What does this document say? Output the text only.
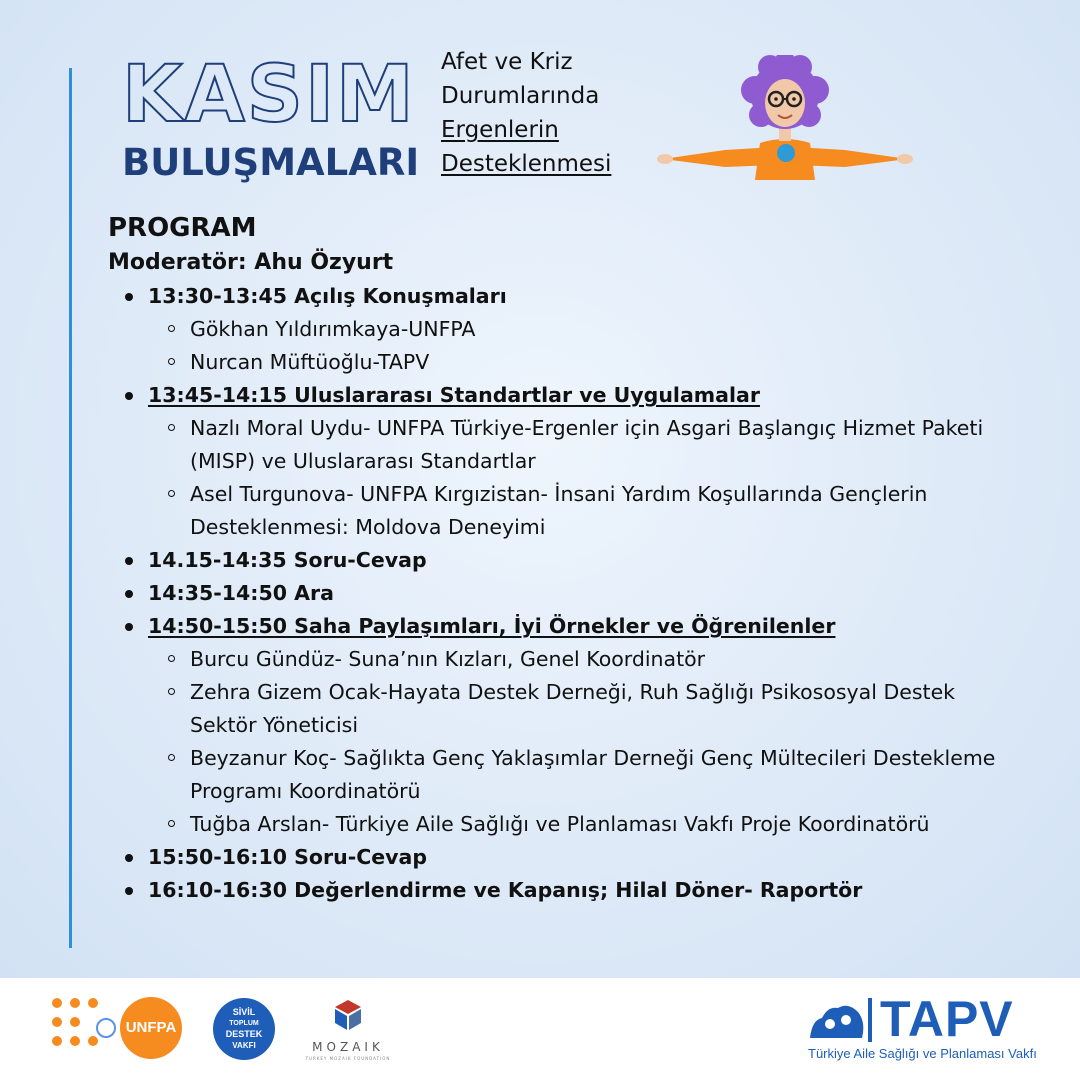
KASIM
BULUŞMALARI
Afet ve Kriz
Durumlarında
Ergenlerin
Desteklenmesi
PROGRAM
Moderatör: Ahu Özyurt
13:30-13:45 Açılış Konuşmaları
Gökhan Yıldırımkaya-UNFPA
Nurcan Müftüoğlu-TAPV
13:45-14:15 Uluslararası Standartlar ve Uygulamalar
Nazlı Moral Uydu- UNFPA Türkiye-Ergenler için Asgari Başlangıç Hizmet Paketi (MISP) ve Uluslararası Standartlar
Asel Turgunova- UNFPA Kırgızistan- İnsani Yardım Koşullarında Gençlerin Desteklenmesi: Moldova Deneyimi
14.15-14:35 Soru-Cevap
14:35-14:50 Ara
14:50-15:50 Saha Paylaşımları, İyi Örnekler ve Öğrenilenler
Burcu Gündüz- Suna’nın Kızları, Genel Koordinatör
Zehra Gizem Ocak-Hayata Destek Derneği, Ruh Sağlığı Psikososyal Destek Sektör Yöneticisi
Beyzanur Koç- Sağlıkta Genç Yaklaşımlar Derneği Genç Mültecileri Destekleme Programı Koordinatörü
Tuğba Arslan- Türkiye Aile Sağlığı ve Planlaması Vakfı Proje Koordinatörü
15:50-16:10 Soru-Cevap
16:10-16:30 Değerlendirme ve Kapanış; Hilal Döner- Raportör
UNFPA
SİVİL
TOPLUM
DESTEK
VAKFI	MOZAIK
TURKEY MOZAIK FOUNDATION
TAPV
Türkiye Aile Sağlığı ve Planlaması Vakfı
